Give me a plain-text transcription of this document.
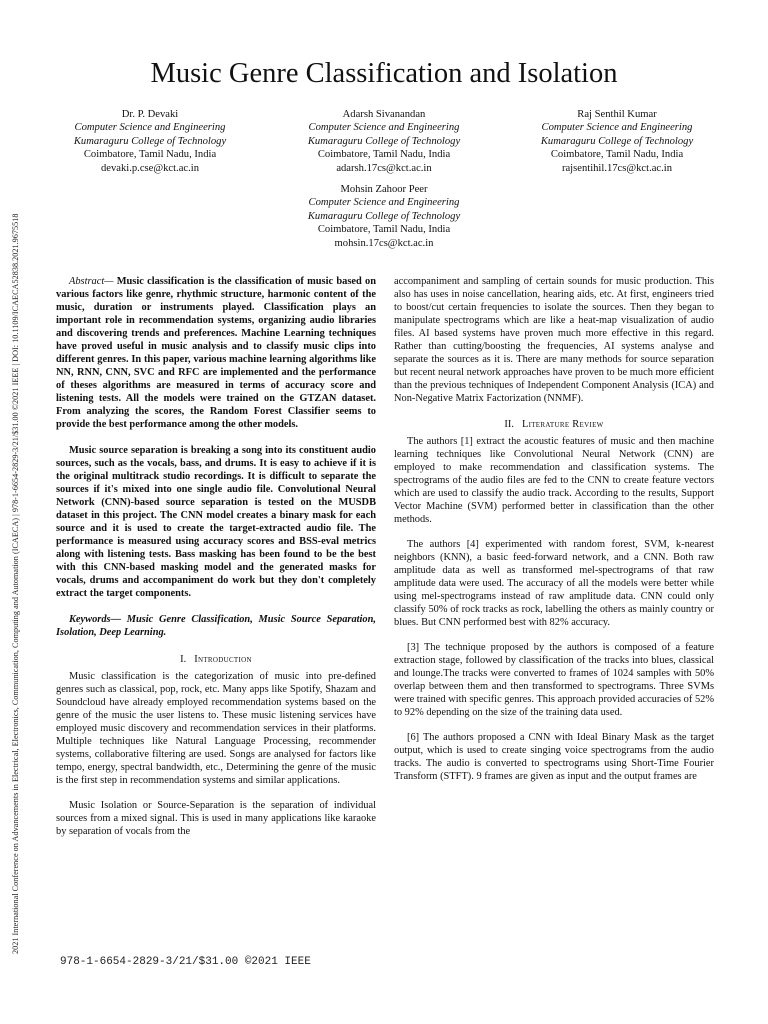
2021 International Conference on Advancements in Electrical, Electronics, Communication, Computing and Automation (ICAECA) | 978-1-6654-2829-3/21/$31.00 ©2021 IEEE | DOI: 10.1109/ICAECA52838.2021.9675518
Music Genre Classification and Isolation
Dr. P. Devaki
Computer Science and Engineering
Kumaraguru College of Technology
Coimbatore, Tamil Nadu, India
devaki.p.cse@kct.ac.in
Adarsh Sivanandan
Computer Science and Engineering
Kumaraguru College of Technology
Coimbatore, Tamil Nadu, India
adarsh.17cs@kct.ac.in
Raj Senthil Kumar
Computer Science and Engineering
Kumaraguru College of Technology
Coimbatore, Tamil Nadu, India
rajsentihil.17cs@kct.ac.in
Mohsin Zahoor Peer
Computer Science and Engineering
Kumaraguru College of Technology
Coimbatore, Tamil Nadu, India
mohsin.17cs@kct.ac.in

Abstract— Music classification is the classification of music based on various factors like genre, rhythmic structure, harmonic content of the music, duration or instruments played. Classification plays an important role in recommendation systems, organizing audio libraries and discovering trends and preferences. Machine Learning techniques have proved useful in music analysis and to classify music clips into different genres. In this paper, various machine learning algorithms like NN, RNN, CNN, SVC and RFC are implemented and the performance of theses algorithms are measured in terms of accuracy score and listening tests. All the models were trained on the GTZAN dataset. From analyzing the scores, the Random Forest Classifier seems to provide the best performance among the other models.

Music source separation is breaking a song into its constituent audio sources, such as the vocals, bass, and drums. It is easy to achieve if it is the original multitrack studio recordings. It is difficult to separate the sources if it's mixed into one single audio file. Convolutional Neural Network (CNN)-based source separation is tested on the MUSDB dataset in this project. The CNN model creates a binary mask for each source and it is used to create the target-extracted audio file. The performance is measured using accuracy scores and BSS-eval metrics along with listening tests. Bass masking has been found to be the best with this CNN-based masking model and the generated masks for vocals, drums and accompaniment do work but they don't completely extract the target components.

Keywords— Music Genre Classification, Music Source Separation, Isolation, Deep Learning.

I. Introduction

Music classification is the categorization of music into pre-defined genres such as classical, pop, rock, etc. Many apps like Spotify, Shazam and Soundcloud have already employed recommendation systems based on the genre of the music the user listens to. These music listening services have employed music discovery and recommendation services in their platforms. Multiple techniques like Natural Language Processing, recommender systems, collaborative filtering are used. Songs are analysed for factors like tempo, energy, spectral bandwidth, etc., Determining the genre of the music is the first step in recommendation systems and similar applications.

Music Isolation or Source-Separation is the separation of individual sources from a mixed signal. This is used in many applications like karaoke by separation of vocals from the

accompaniment and sampling of certain sounds for music production. This also has uses in noise cancellation, hearing aids, etc. At first, engineers tried to boost/cut certain frequencies to isolate the sources. Then they began to manipulate spectrograms which are like a heat-map visualization of audio files. AI based systems have proven much more effective in this regard. Rather than cutting/boosting the frequencies, AI systems analyse and separate the sources as it is. There are many methods for source separation but recent neural network approaches have proven to be much more efficient than the previous techniques of Independent Component Analysis (ICA) and Non-Negative Matrix Factorization (NNMF).

II. Literature Review

The authors [1] extract the acoustic features of music and then machine learning techniques like Convolutional Neural Network (CNN) are employed to make recommendation and classification systems. The spectrograms of the audio files are fed to the CNN to create feature vectors which are used to classify the audio track. According to the results, Support Vector Machine (SVM) performed better in classification than the other methods.

The authors [4] experimented with random forest, SVM, k-nearest neighbors (KNN), a basic feed-forward network, and a CNN. Both raw amplitude data as well as transformed mel-spectrograms of that raw amplitude data were used. The accuracy of all the models were better while using mel-spectrograms instead of raw amplitude data. CNN could only classify 50% of rock tracks as rock, labelling the others as mainly country or blues. But CNN performed best with 82% accuracy.

[3] The technique proposed by the authors is composed of a feature extraction stage, followed by classification of the tracks into blues, classical and lounge.The tracks were converted to frames of 1024 samples with 50% overlap between them and then transformed to spectrograms. Three SVMs were trained with specific genres. This approach provided accuracies of 52% to 92% depending on the size of the training data used.

[6] The authors proposed a CNN with Ideal Binary Mask as the target output, which is used to create singing voice spectrograms from the audio tracks. The audio is converted to spectrograms using Short-Time Fourier Transform (STFT). 9 frames are given as input and the output frames are

978-1-6654-2829-3/21/$31.00 ©2021 IEEE
